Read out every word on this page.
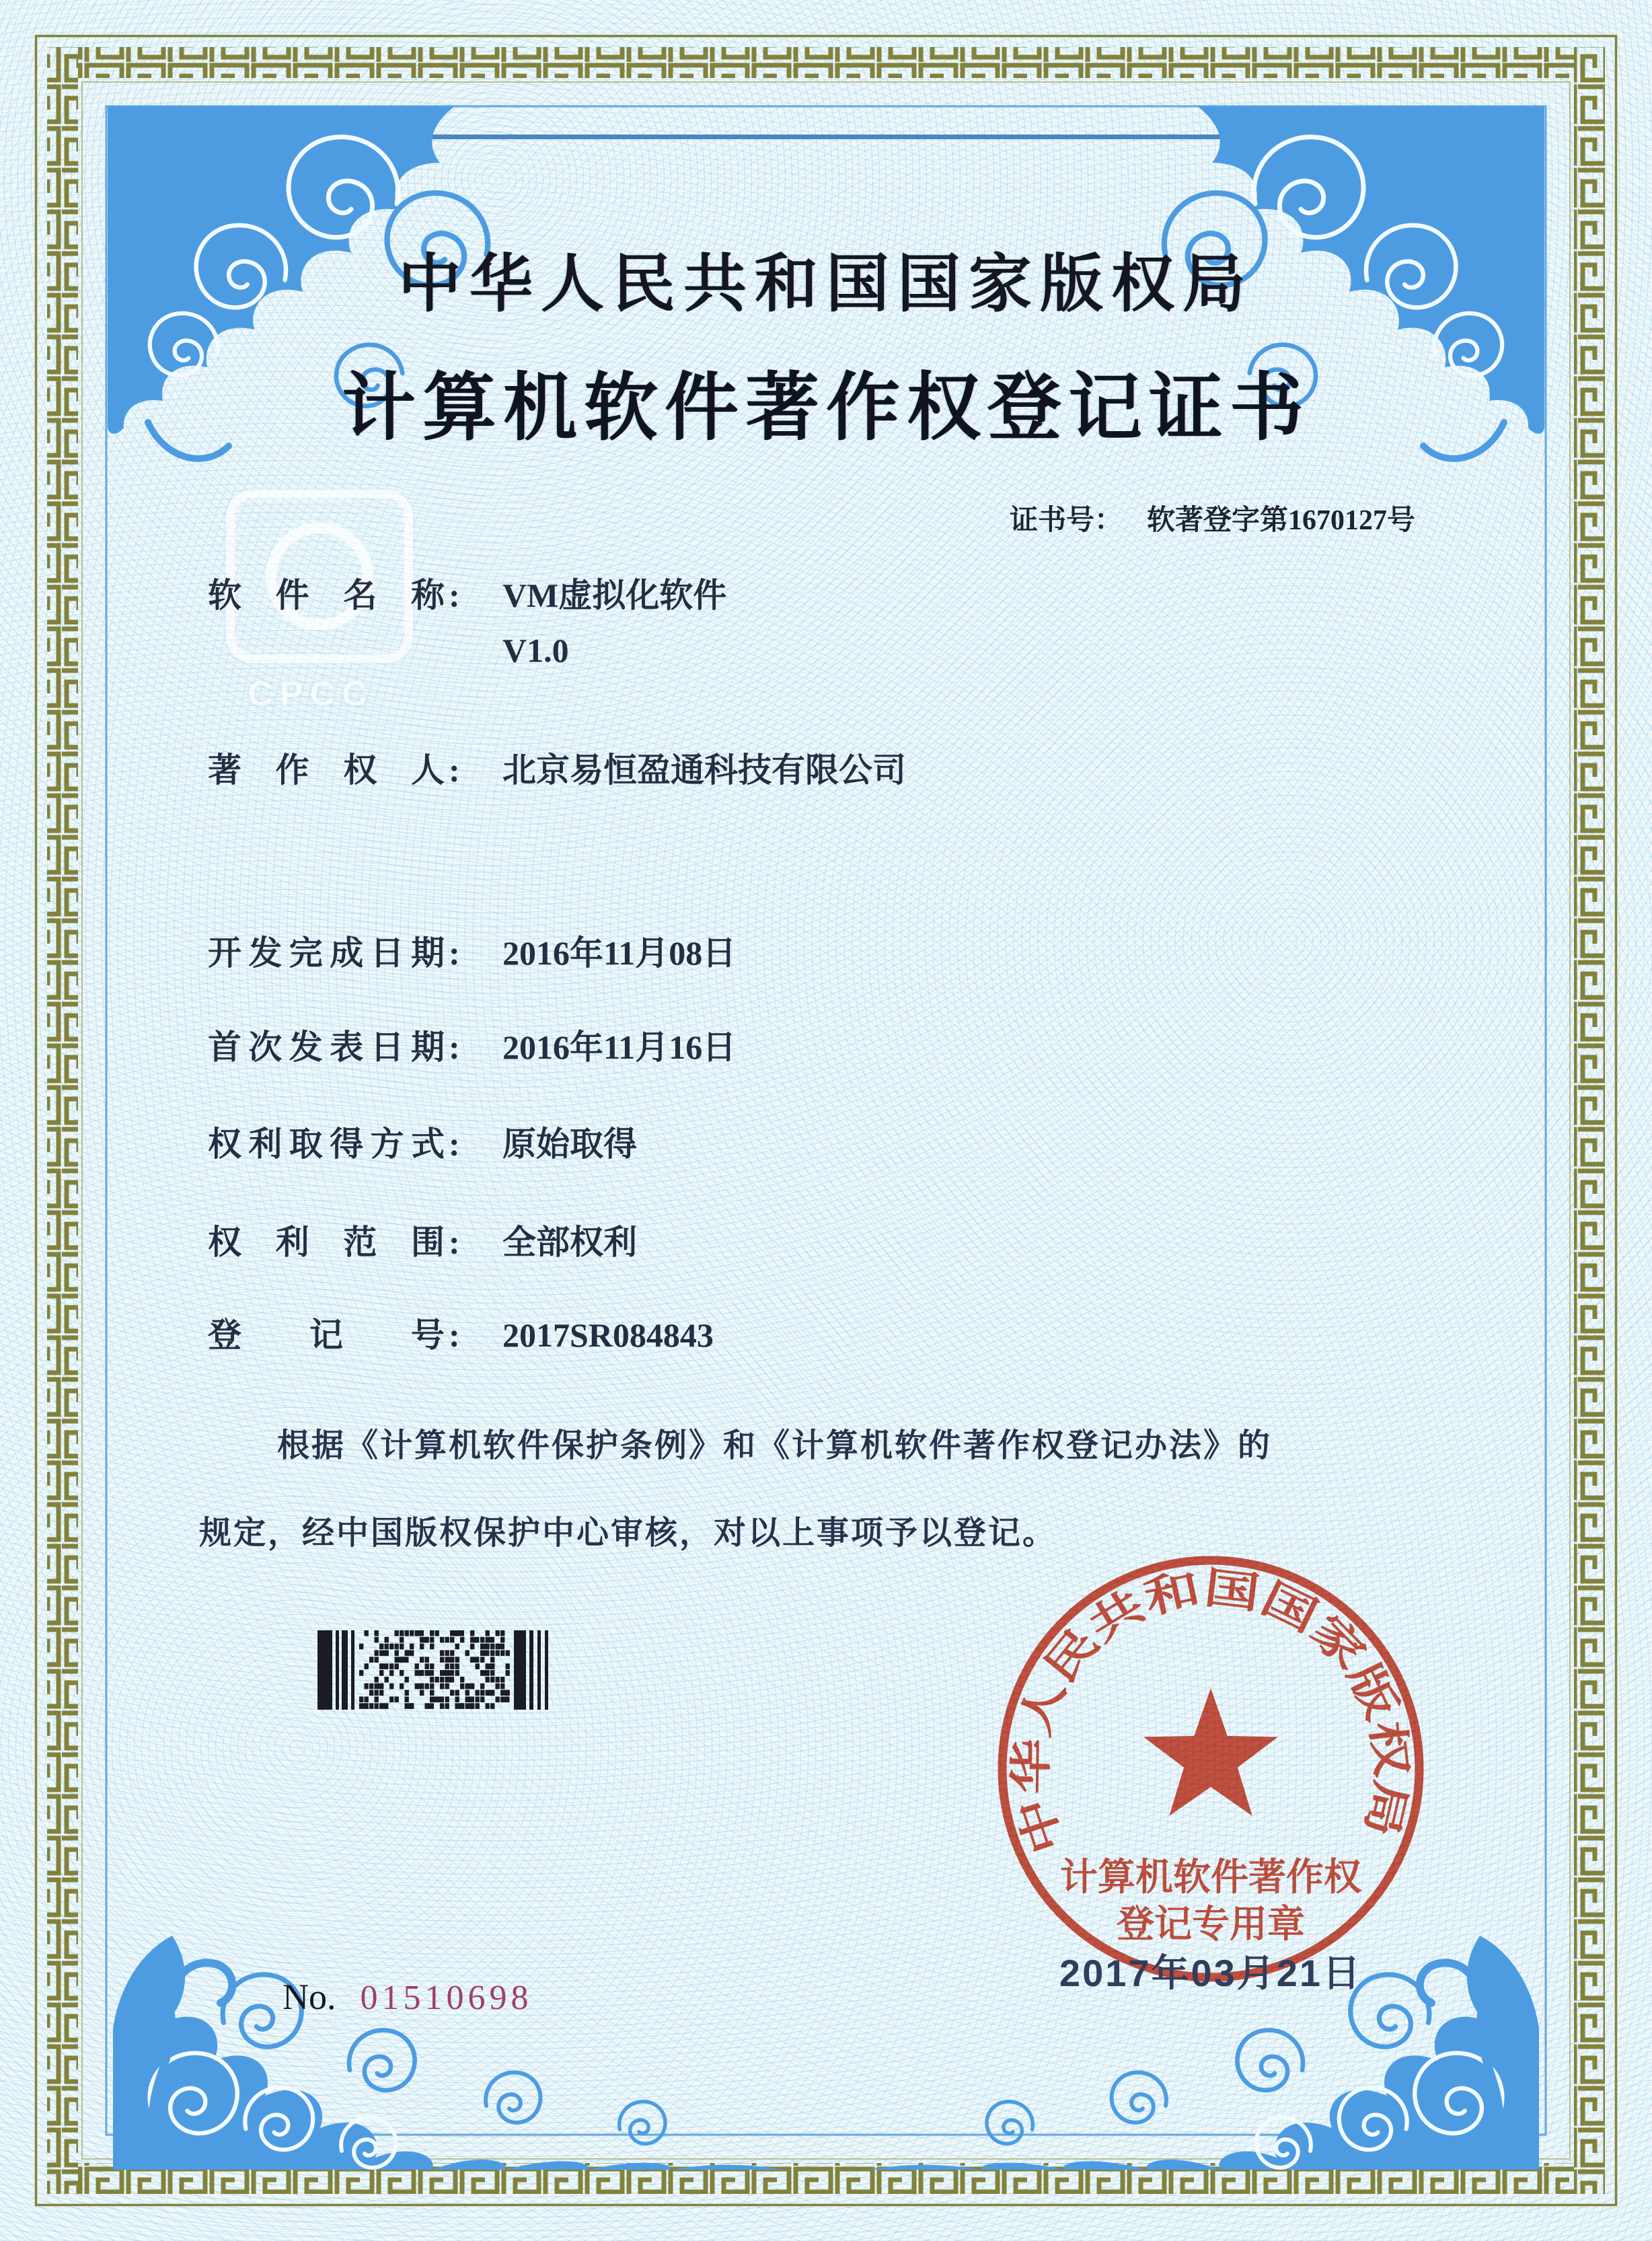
CPCC
中华人民共和国国家版权局
计算机软件著作权登记证书
证书号： 软著登字第1670127号
软件名称 : VM虚拟化软件
V1.0
著作权人 : 北京易恒盈通科技有限公司
开发完成日期 : 2016年11月08日
首次发表日期 : 2016年11月16日
权利取得方式 : 原始取得
权利范围 : 全部权利
登记号 : 2017SR084843
根据《计算机软件保护条例》和《计算机软件著作权登记办法》的
规定，经中国版权保护中心审核，对以上事项予以登记。
中华人民共和国国家版权局
计算机软件著作权
登记专用章
2017年03月21日
No. 01510698
